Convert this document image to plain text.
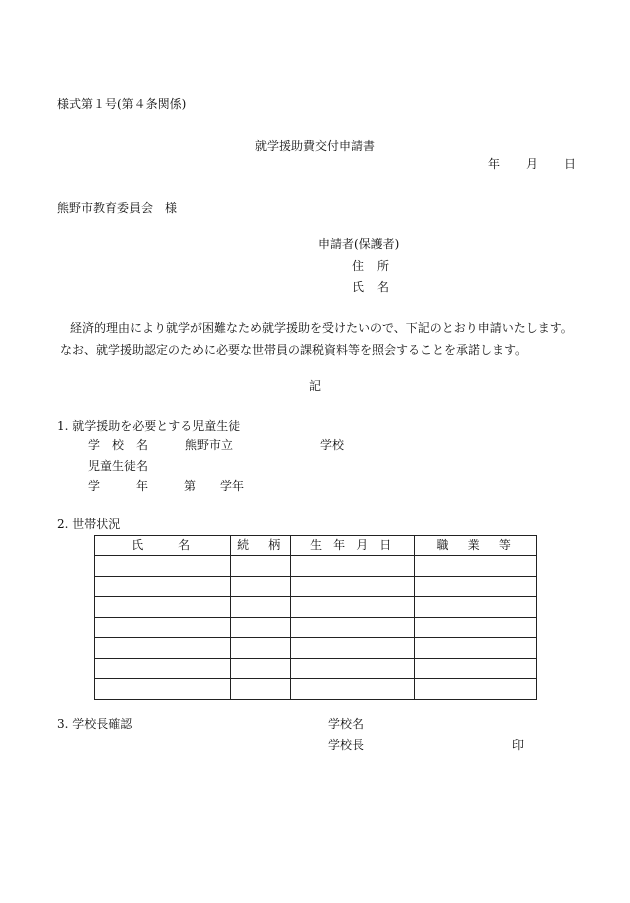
様式第１号(第４条関係)
就学援助費交付申請書
年 月 日
熊野市教育委員会　様
申請者(保護者)
住 所
氏 名
経済的理由により就学が困難なため就学援助を受けたいので、下記のとおり申請いたします。
なお、就学援助認定のために必要な世帯員の課税資料等を照会することを承諾します。
記
1. 就学援助を必要とする児童生徒
学　校　名	熊野市立	学校
児童生徒名
学	年	第 学年
2. 世帯状況
氏　　名	続　柄	生 年 月 日	職　業　等

3. 学校長確認	学校名
学校長	印
